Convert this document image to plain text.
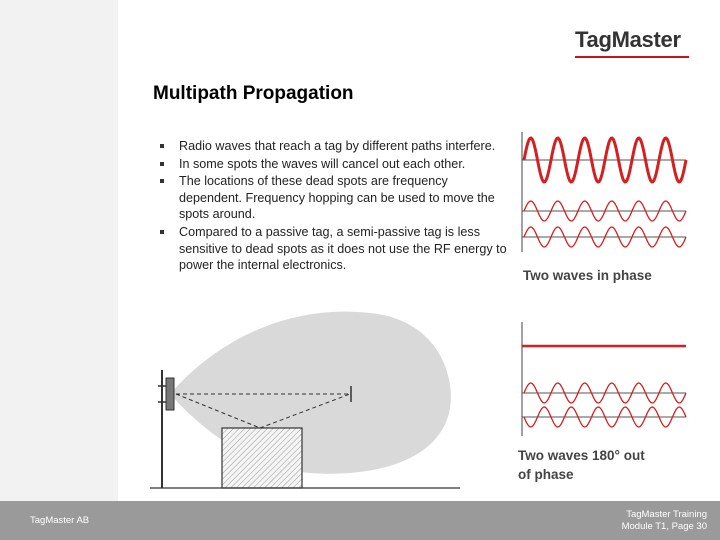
TagMaster
Multipath Propagation
Radio waves that reach a tag by different paths interfere.
In some spots the waves will cancel out each other.
The locations of these dead spots are frequency dependent. Frequency hopping can be used to move the spots around.
Compared to a passive tag, a semi-passive tag is less sensitive to dead spots as it does not use the RF energy to power the internal electronics.
Two waves in phase
Two waves 180° out
of phase
TagMaster AB
TagMaster Training
Module T1, Page 30
